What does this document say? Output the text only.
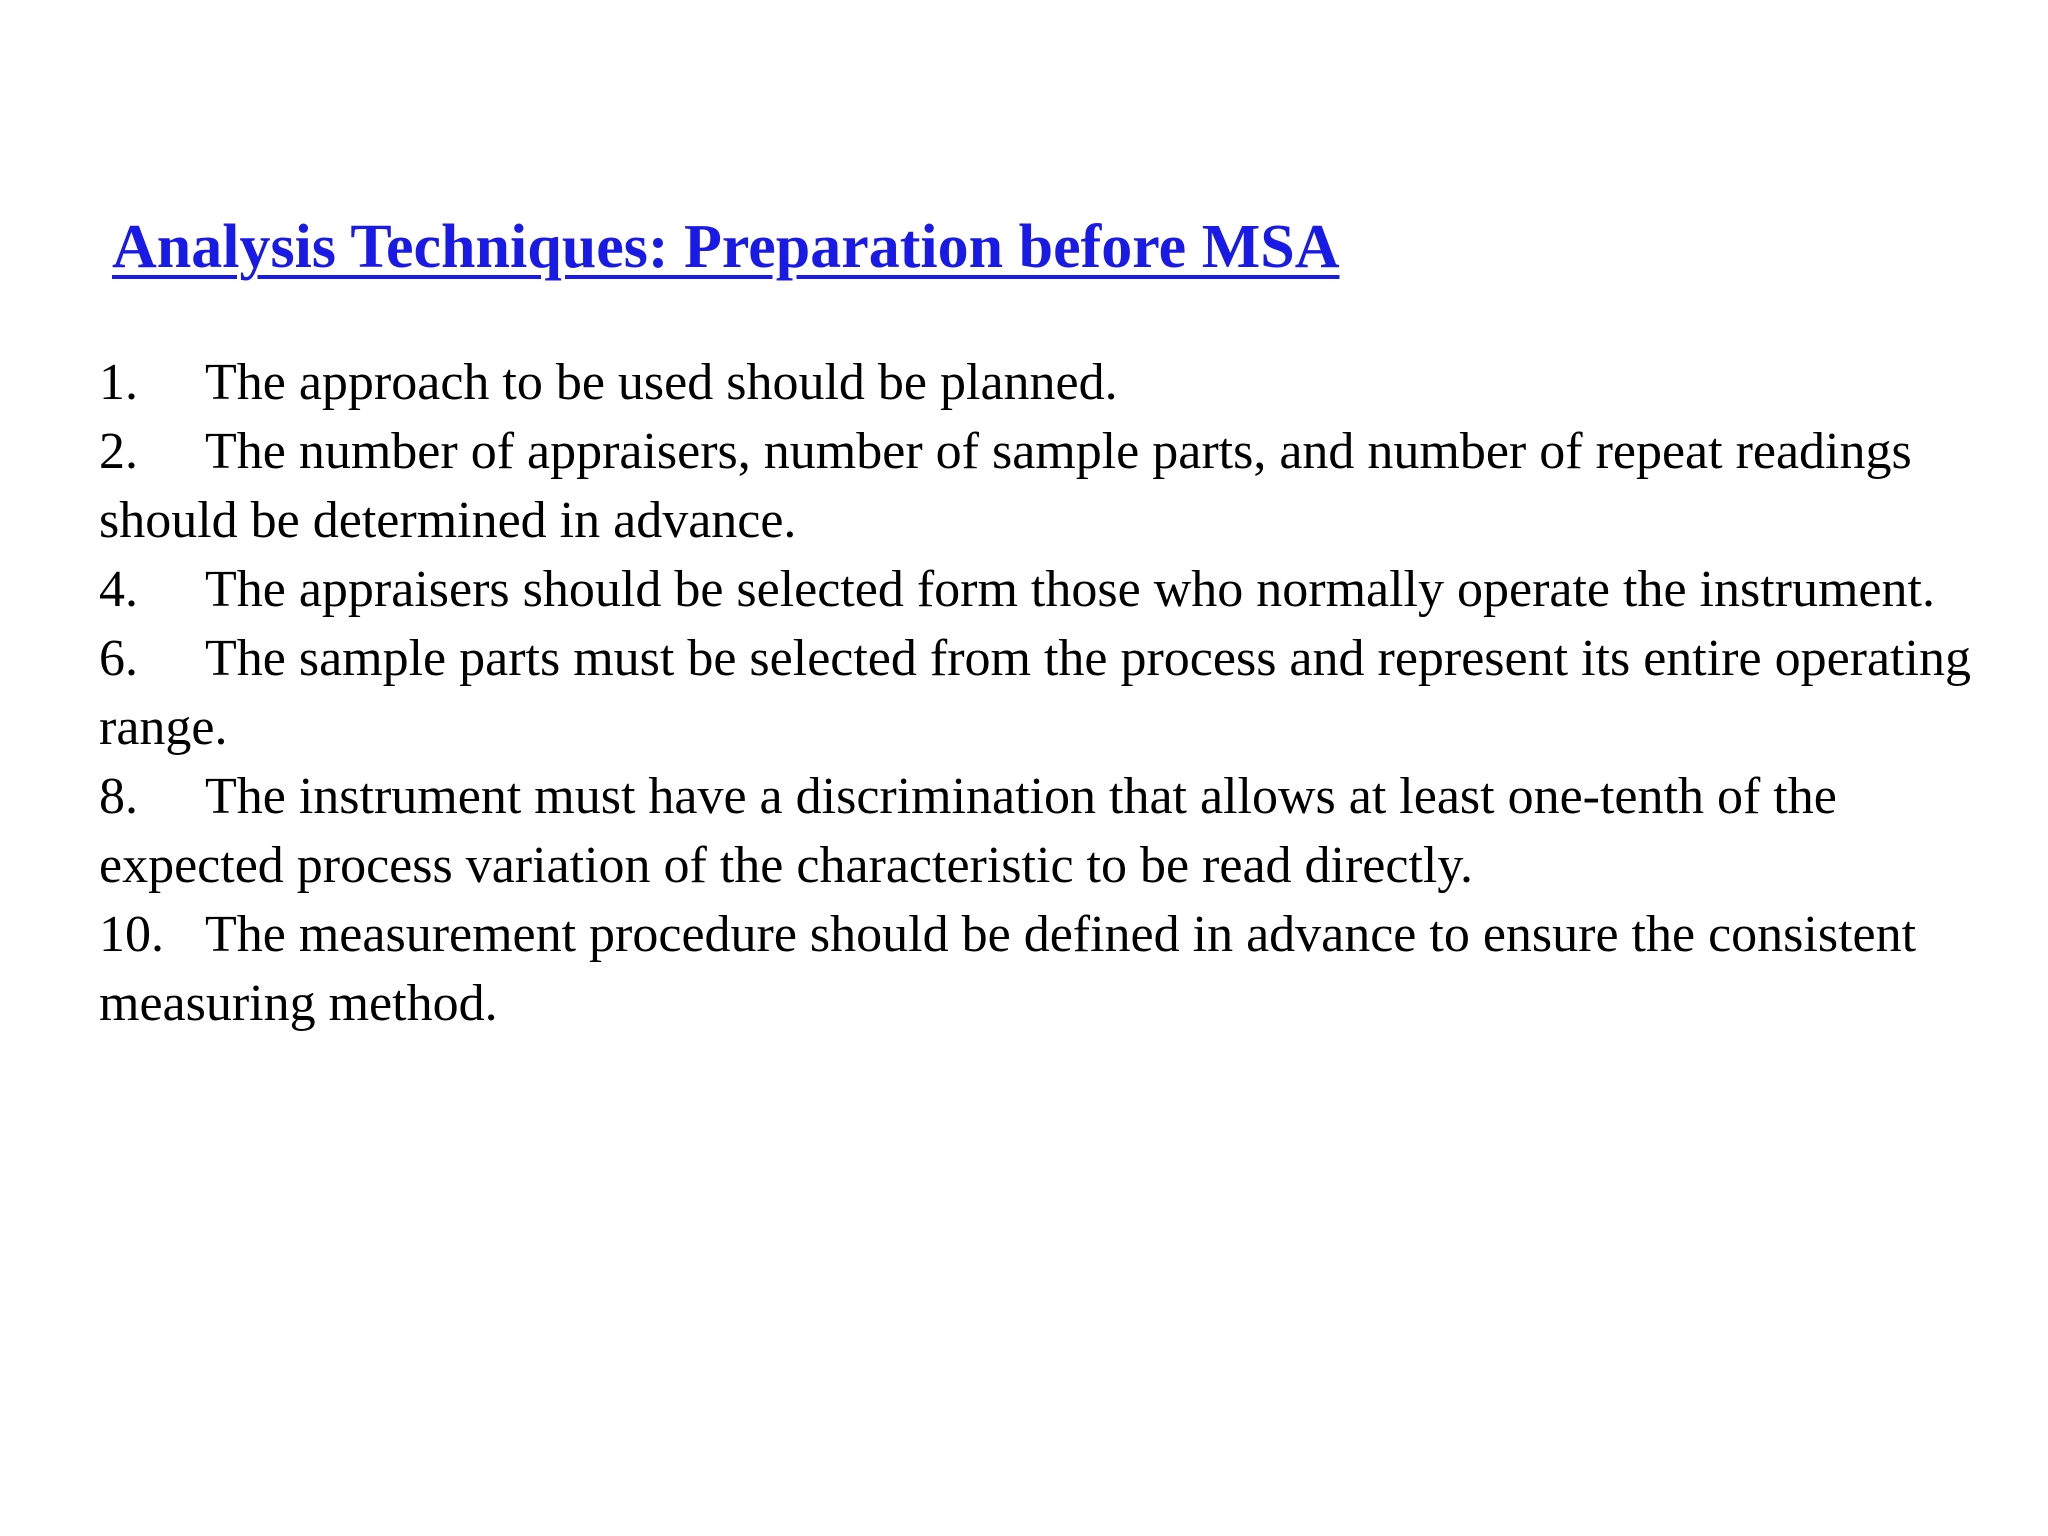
Analysis Techniques: Preparation before MSA
1. The approach to be used should be planned.
2. The number of appraisers, number of sample parts, and number of repeat readings should be determined in advance.
4. The appraisers should be selected form those who normally operate the instrument.
6. The sample parts must be selected from the process and represent its entire operating range.
8. The instrument must have a discrimination that allows at least one-tenth of the expected process variation of the characteristic to be read directly.
10. The measurement procedure should be defined in advance to ensure the consistent measuring method.
